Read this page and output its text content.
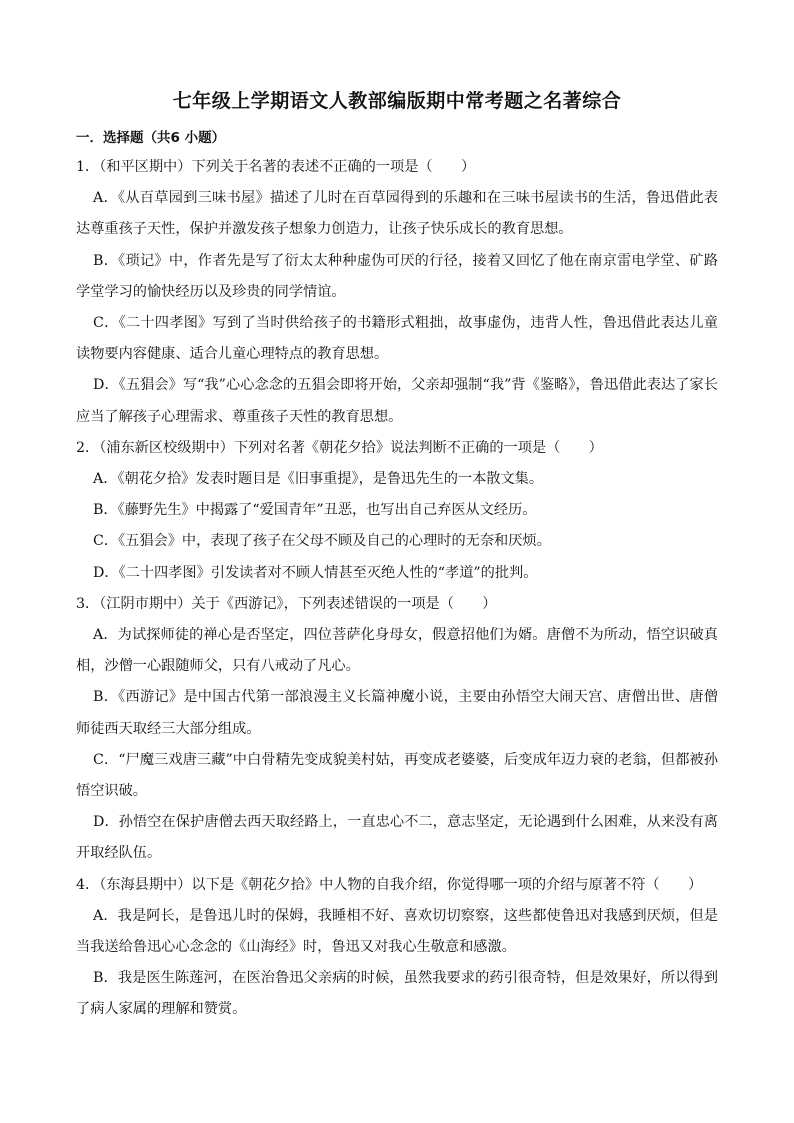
七年级上学期语文人教部编版期中常考题之名著综合
一．选择题（共6 小题）

1．（和平区期中）下列关于名著的表述不正确的一项是（　　）

A．《从百草园到三味书屋》描述了儿时在百草园得到的乐趣和在三味书屋读书的生活，鲁迅借此表达尊重孩子天性，保护并激发孩子想象力创造力，让孩子快乐成长的教育思想。

B．《琐记》中，作者先是写了衍太太种种虚伪可厌的行径，接着又回忆了他在南京雷电学堂、矿路学堂学习的愉快经历以及珍贵的同学情谊。

C．《二十四孝图》写到了当时供给孩子的书籍形式粗拙，故事虚伪，违背人性，鲁迅借此表达儿童读物要内容健康、适合儿童心理特点的教育思想。

D．《五猖会》写“我”心心念念的五猖会即将开始，父亲却强制“我”背《鉴略》，鲁迅借此表达了家长应当了解孩子心理需求、尊重孩子天性的教育思想。

2．（浦东新区校级期中）下列对名著《朝花夕拾》说法判断不正确的一项是（　　）

A．《朝花夕拾》发表时题目是《旧事重提》，是鲁迅先生的一本散文集。

B．《藤野先生》中揭露了“爱国青年”丑恶，也写出自己弃医从文经历。

C．《五猖会》中，表现了孩子在父母不顾及自己的心理时的无奈和厌烦。

D．《二十四孝图》引发读者对不顾人情甚至灭绝人性的“孝道”的批判。

3．（江阴市期中）关于《西游记》，下列表述错误的一项是（　　）

A．为试探师徒的禅心是否坚定，四位菩萨化身母女，假意招他们为婿。唐僧不为所动，悟空识破真相，沙僧一心跟随师父，只有八戒动了凡心。

B．《西游记》是中国古代第一部浪漫主义长篇神魔小说，主要由孙悟空大闹天宫、唐僧出世、唐僧师徒西天取经三大部分组成。

C．“尸魔三戏唐三藏”中白骨精先变成貌美村姑，再变成老婆婆，后变成年迈力衰的老翁，但都被孙悟空识破。

D．孙悟空在保护唐僧去西天取经路上，一直忠心不二，意志坚定，无论遇到什么困难，从来没有离开取经队伍。

4．（东海县期中）以下是《朝花夕拾》中人物的自我介绍，你觉得哪一项的介绍与原著不符（　　）

A．我是阿长，是鲁迅儿时的保姆，我睡相不好、喜欢切切察察，这些都使鲁迅对我感到厌烦，但是当我送给鲁迅心心念念的《山海经》时，鲁迅又对我心生敬意和感激。

B．我是医生陈莲河，在医治鲁迅父亲病的时候，虽然我要求的药引很奇特，但是效果好，所以得到了病人家属的理解和赞赏。
